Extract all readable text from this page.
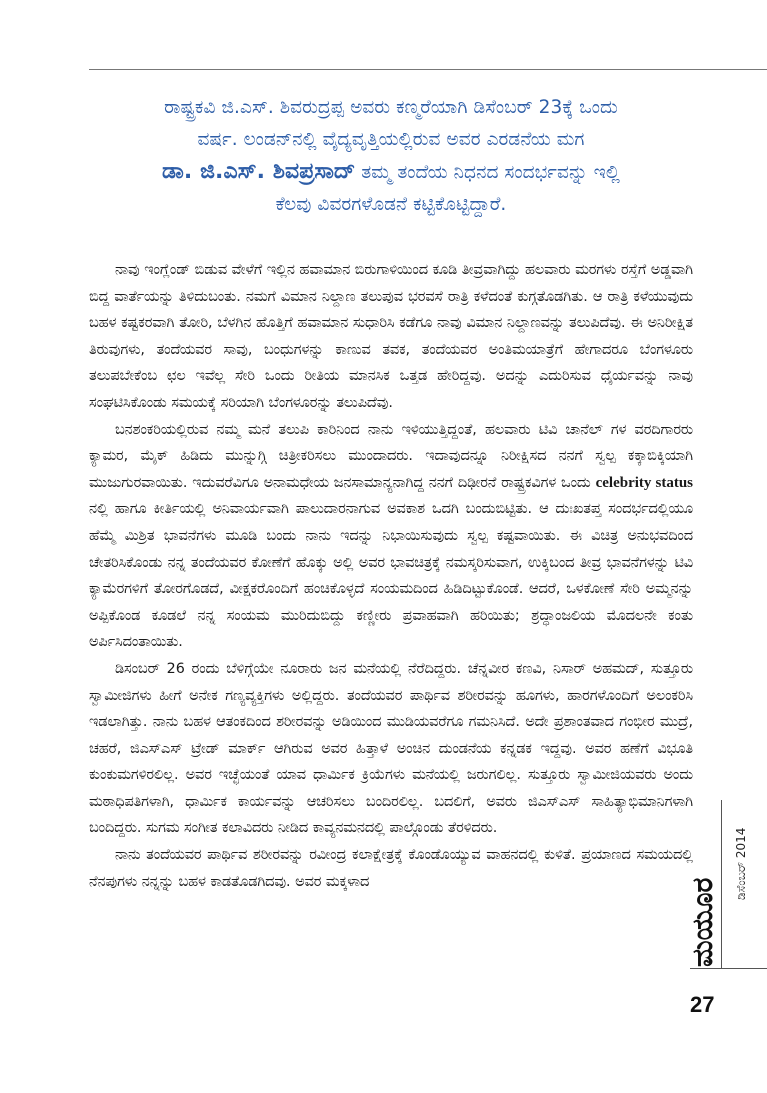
ರಾಷ್ಟ್ರಕವಿ ಜಿ.ಎಸ್. ಶಿವರುದ್ರಪ್ಪ ಅವರು ಕಣ್ಮರೆಯಾಗಿ ಡಿಸೆಂಬರ್ 23ಕ್ಕೆ ಒಂದು
ವರ್ಷ. ಲಂಡನ್‌ನಲ್ಲಿ ವೈದ್ಯವೃತ್ತಿಯಲ್ಲಿರುವ ಅವರ ಎರಡನೆಯ ಮಗ
ಡಾ. ಜಿ.ಎಸ್. ಶಿವಪ್ರಸಾದ್ ತಮ್ಮ ತಂದೆಯ ನಿಧನದ ಸಂದರ್ಭವನ್ನು ಇಲ್ಲಿ
ಕೆಲವು ವಿವರಗಳೊಡನೆ ಕಟ್ಟಿಕೊಟ್ಟಿದ್ದಾರೆ.

ನಾವು ಇಂಗ್ಲೆಂಡ್ ಬಿಡುವ ವೇಳೆಗೆ ಇಲ್ಲಿನ ಹವಾಮಾನ ಬಿರುಗಾಳಿಯಿಂದ ಕೂಡಿ ತೀವ್ರವಾಗಿದ್ದು ಹಲವಾರು ಮರಗಳು ರಸ್ತೆಗೆ ಅಡ್ಡವಾಗಿ ಬಿದ್ದ ವಾರ್ತೆಯನ್ನು ತಿಳಿದುಬಂತು. ನಮಗೆ ವಿಮಾನ ನಿಲ್ದಾಣ ತಲುಪುವ ಭರವಸೆ ರಾತ್ರಿ ಕಳೆದಂತೆ ಕುಗ್ಗತೊಡಗಿತು. ಆ ರಾತ್ರಿ ಕಳೆಯುವುದು ಬಹಳ ಕಷ್ಟಕರವಾಗಿ ತೋರಿ, ಬೆಳಗಿನ ಹೊತ್ತಿಗೆ ಹವಾಮಾನ ಸುಧಾರಿಸಿ ಕಡೆಗೂ ನಾವು ವಿಮಾನ ನಿಲ್ದಾಣವನ್ನು ತಲುಪಿದೆವು. ಈ ಅನಿರೀಕ್ಷಿತ ತಿರುವುಗಳು, ತಂದೆಯವರ ಸಾವು, ಬಂಧುಗಳನ್ನು ಕಾಣುವ ತವಕ, ತಂದೆಯವರ ಅಂತಿಮಯಾತ್ರೆಗೆ ಹೇಗಾದರೂ ಬೆಂಗಳೂರು ತಲುಪಬೇಕೆಂಬ ಛಲ ಇವೆಲ್ಲ ಸೇರಿ ಒಂದು ರೀತಿಯ ಮಾನಸಿಕ ಒತ್ತಡ ಹೇರಿದ್ದವು. ಅದನ್ನು ಎದುರಿಸುವ ಧೈರ್ಯವನ್ನು ನಾವು ಸಂಘಟಿಸಿಕೊಂಡು ಸಮಯಕ್ಕೆ ಸರಿಯಾಗಿ ಬೆಂಗಳೂರನ್ನು ತಲುಪಿದೆವು.

ಬನಶಂಕರಿಯಲ್ಲಿರುವ ನಮ್ಮ ಮನೆ ತಲುಪಿ ಕಾರಿನಿಂದ ನಾನು ಇಳಿಯುತ್ತಿದ್ದಂತೆ, ಹಲವಾರು ಟಿವಿ ಚಾನೆಲ್ ಗಳ ವರದಿಗಾರರು ಕ್ಯಾಮರ, ಮೈಕ್ ಹಿಡಿದು ಮುನ್ನುಗ್ಗಿ ಚಿತ್ರೀಕರಿಸಲು ಮುಂದಾದರು. ಇದಾವುದನ್ನೂ ನಿರೀಕ್ಷಿಸದ ನನಗೆ ಸ್ವಲ್ಪ ಕಕ್ಕಾಬಿಕ್ಕಿಯಾಗಿ ಮುಜುಗುರವಾಯಿತು. ಇದುವರೆವಿಗೂ ಅನಾಮಧೇಯ ಜನಸಾಮಾನ್ಯನಾಗಿದ್ದ ನನಗೆ ದಿಢೀರನೆ ರಾಷ್ಟ್ರಕವಿಗಳ ಒಂದು celebrity status ನಲ್ಲಿ ಹಾಗೂ ಕೀರ್ತಿಯಲ್ಲಿ ಅನಿವಾರ್ಯವಾಗಿ ಪಾಲುದಾರನಾಗುವ ಅವಕಾಶ ಒದಗಿ ಬಂದುಬಿಟ್ಟಿತು. ಆ ದುಃಖತಪ್ತ ಸಂದರ್ಭದಲ್ಲಿಯೂ ಹೆಮ್ಮೆ ಮಿಶ್ರಿತ ಭಾವನೆಗಳು ಮೂಡಿ ಬಂದು ನಾನು ಇದನ್ನು ನಿಭಾಯಿಸುವುದು ಸ್ವಲ್ಪ ಕಷ್ಟವಾಯಿತು. ಈ ವಿಚಿತ್ರ ಅನುಭವದಿಂದ ಚೇತರಿಸಿಕೊಂಡು ನನ್ನ ತಂದೆಯವರ ಕೋಣೆಗೆ ಹೊಕ್ಕು ಅಲ್ಲಿ ಅವರ ಭಾವಚಿತ್ರಕ್ಕೆ ನಮಸ್ಕರಿಸುವಾಗ, ಉಕ್ಕಿಬಂದ ತೀವ್ರ ಭಾವನೆಗಳನ್ನು ಟಿವಿ ಕ್ಯಾಮೆರಗಳಿಗೆ ತೋರಗೊಡದೆ, ವೀಕ್ಷಕರೊಂದಿಗೆ ಹಂಚಿಕೊಳ್ಳದೆ ಸಂಯಮದಿಂದ ಹಿಡಿದಿಟ್ಟುಕೊಂಡೆ. ಆದರೆ, ಒಳಕೋಣೆ ಸೇರಿ ಅಮ್ಮನನ್ನು ಅಪ್ಪಿಕೊಂಡ ಕೂಡಲೆ ನನ್ನ ಸಂಯಮ ಮುರಿದುಬಿದ್ದು ಕಣ್ಣೀರು ಪ್ರವಾಹವಾಗಿ ಹರಿಯಿತು; ಶ್ರದ್ಧಾಂಜಲಿಯ ಮೊದಲನೇ ಕಂತು ಅರ್ಪಿಸಿದಂತಾಯಿತು.

ಡಿಸಂಬರ್ 26 ರಂದು ಬೆಳಿಗ್ಗೆಯೇ ನೂರಾರು ಜನ ಮನೆಯಲ್ಲಿ ನೆರೆದಿದ್ದರು. ಚೆನ್ನವೀರ ಕಣವಿ, ನಿಸಾರ್ ಅಹಮದ್, ಸುತ್ತೂರು ಸ್ವಾಮೀಜಿಗಳು ಹೀಗೆ ಅನೇಕ ಗಣ್ಯವ್ಯಕ್ತಿಗಳು ಅಲ್ಲಿದ್ದರು. ತಂದೆಯವರ ಪಾರ್ಥಿವ ಶರೀರವನ್ನು ಹೂಗಳು, ಹಾರಗಳೊಂದಿಗೆ ಅಲಂಕರಿಸಿ ಇಡಲಾಗಿತ್ತು. ನಾನು ಬಹಳ ಆತಂಕದಿಂದ ಶರೀರವನ್ನು ಅಡಿಯಿಂದ ಮುಡಿಯವರೆಗೂ ಗಮನಿಸಿದೆ. ಅದೇ ಪ್ರಶಾಂತವಾದ ಗಂಭೀರ ಮುದ್ರೆ, ಚಹರೆ, ಜಿಎಸ್‌ಎಸ್ ಟ್ರೇಡ್ ಮಾರ್ಕ್ ಆಗಿರುವ ಅವರ ಹಿತ್ತಾಳೆ ಅಂಚಿನ ದುಂಡನೆಯ ಕನ್ನಡಕ ಇದ್ದವು. ಅವರ ಹಣೆಗೆ ವಿಭೂತಿ ಕುಂಕುಮಗಳಿರಲಿಲ್ಲ. ಅವರ ಇಚ್ಛೆಯಂತೆ ಯಾವ ಧಾರ್ಮಿಕ ಕ್ರಿಯೆಗಳು ಮನೆಯಲ್ಲಿ ಜರುಗಲಿಲ್ಲ. ಸುತ್ತೂರು ಸ್ವಾಮೀಜಿಯವರು ಅಂದು ಮಠಾಧಿಪತಿಗಳಾಗಿ, ಧಾರ್ಮಿಕ ಕಾರ್ಯವನ್ನು ಆಚರಿಸಲು ಬಂದಿರಲಿಲ್ಲ. ಬದಲಿಗೆ, ಅವರು ಜಿಎಸ್‌ಎಸ್ ಸಾಹಿತ್ಯಾಭಿಮಾನಿಗಳಾಗಿ ಬಂದಿದ್ದರು. ಸುಗಮ ಸಂಗೀತ ಕಲಾವಿದರು ನೀಡಿದ ಕಾವ್ಯನಮನದಲ್ಲಿ ಪಾಲ್ಗೊಂಡು ತೆರಳಿದರು.

ನಾನು ತಂದೆಯವರ ಪಾರ್ಥಿವ ಶರೀರವನ್ನು ರವೀಂದ್ರ ಕಲಾಕ್ಷೇತ್ರಕ್ಕೆ ಕೊಂಡೊಯ್ಯುವ ವಾಹನದಲ್ಲಿ ಕುಳಿತೆ. ಪ್ರಯಾಣದ ಸಮಯದಲ್ಲಿ ನೆನಪುಗಳು ನನ್ನನ್ನು ಬಹಳ ಕಾಡತೊಡಗಿದವು. ಅವರ ಮಕ್ಕಳಾದ	ಮಯೂರ
ಡಿಸೆಂಬರ್ 2014
27
